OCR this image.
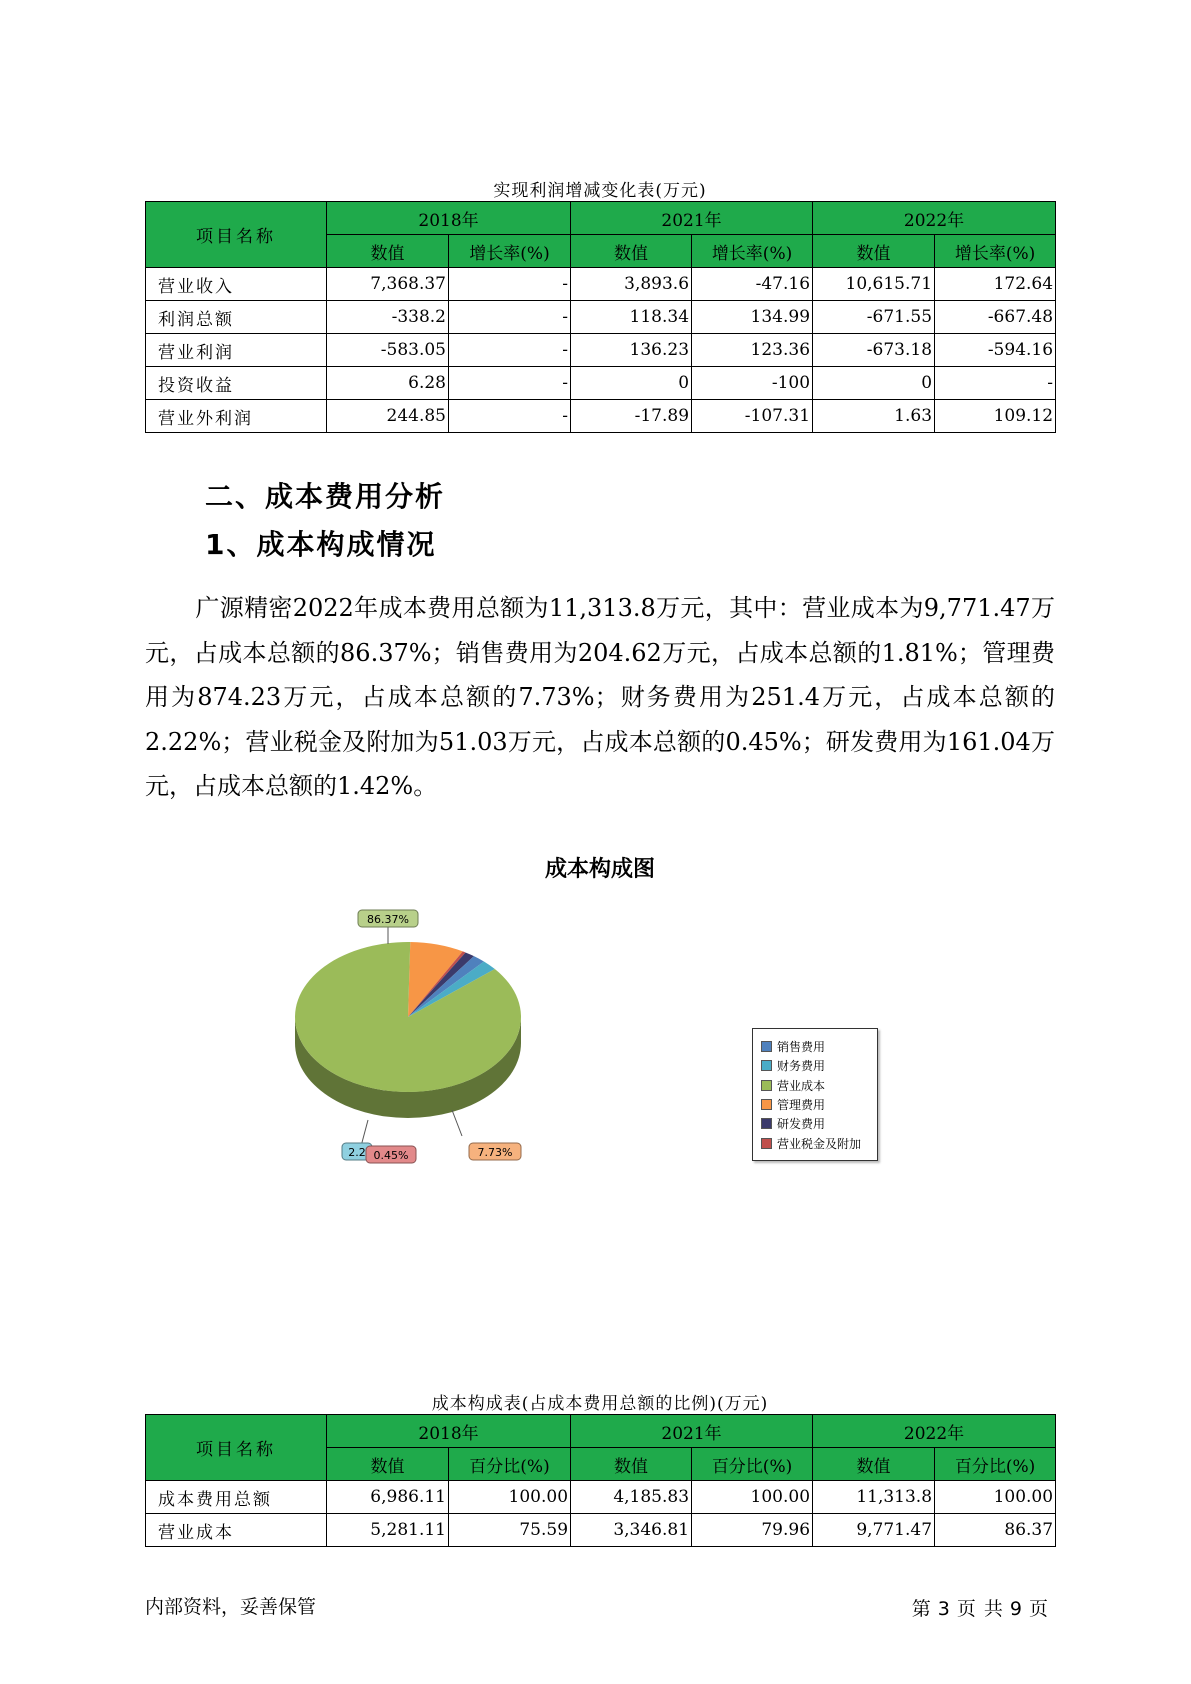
实现利润增减变化表(万元)
项目名称	2018年		2021年		2022年	
	数值	增长率(%)	数值	增长率(%)	数值	增长率(%)
营业收入	7,368.37	-	3,893.6	-47.16	10,615.71	172.64
利润总额	-338.2	-	118.34	134.99	-671.55	-667.48
营业利润	-583.05	-	136.23	123.36	-673.18	-594.16
投资收益	6.28	-	0	-100	0	-
营业外利润	244.85	-	-17.89	-107.31	1.63	109.12
二、成本费用分析
1、成本构成情况
广源精密2022年成本费用总额为11,313.8万元，其中：营业成本为9,771.47万元，占成本总额的86.37%；销售费用为204.62万元，占成本总额的1.81%；管理费用为874.23万元，占成本总额的7.73%；财务费用为251.4万元，占成本总额的2.22%；营业税金及附加为51.03万元，占成本总额的0.45%；研发费用为161.04万元，占成本总额的1.42%。
成本构成图
86.37%
7.73%
2.2 0.45%
销售费用
财务费用
营业成本
管理费用
研发费用
营业税金及附加
成本构成表(占成本费用总额的比例)(万元)
项目名称	2018年		2021年		2022年	
	数值	百分比(%)	数值	百分比(%)	数值	百分比(%)
成本费用总额	6,986.11	100.00	4,185.83	100.00	11,313.8	100.00
营业成本	5,281.11	75.59	3,346.81	79.96	9,771.47	86.37
内部资料，妥善保管	第 3 页 共 9 页
